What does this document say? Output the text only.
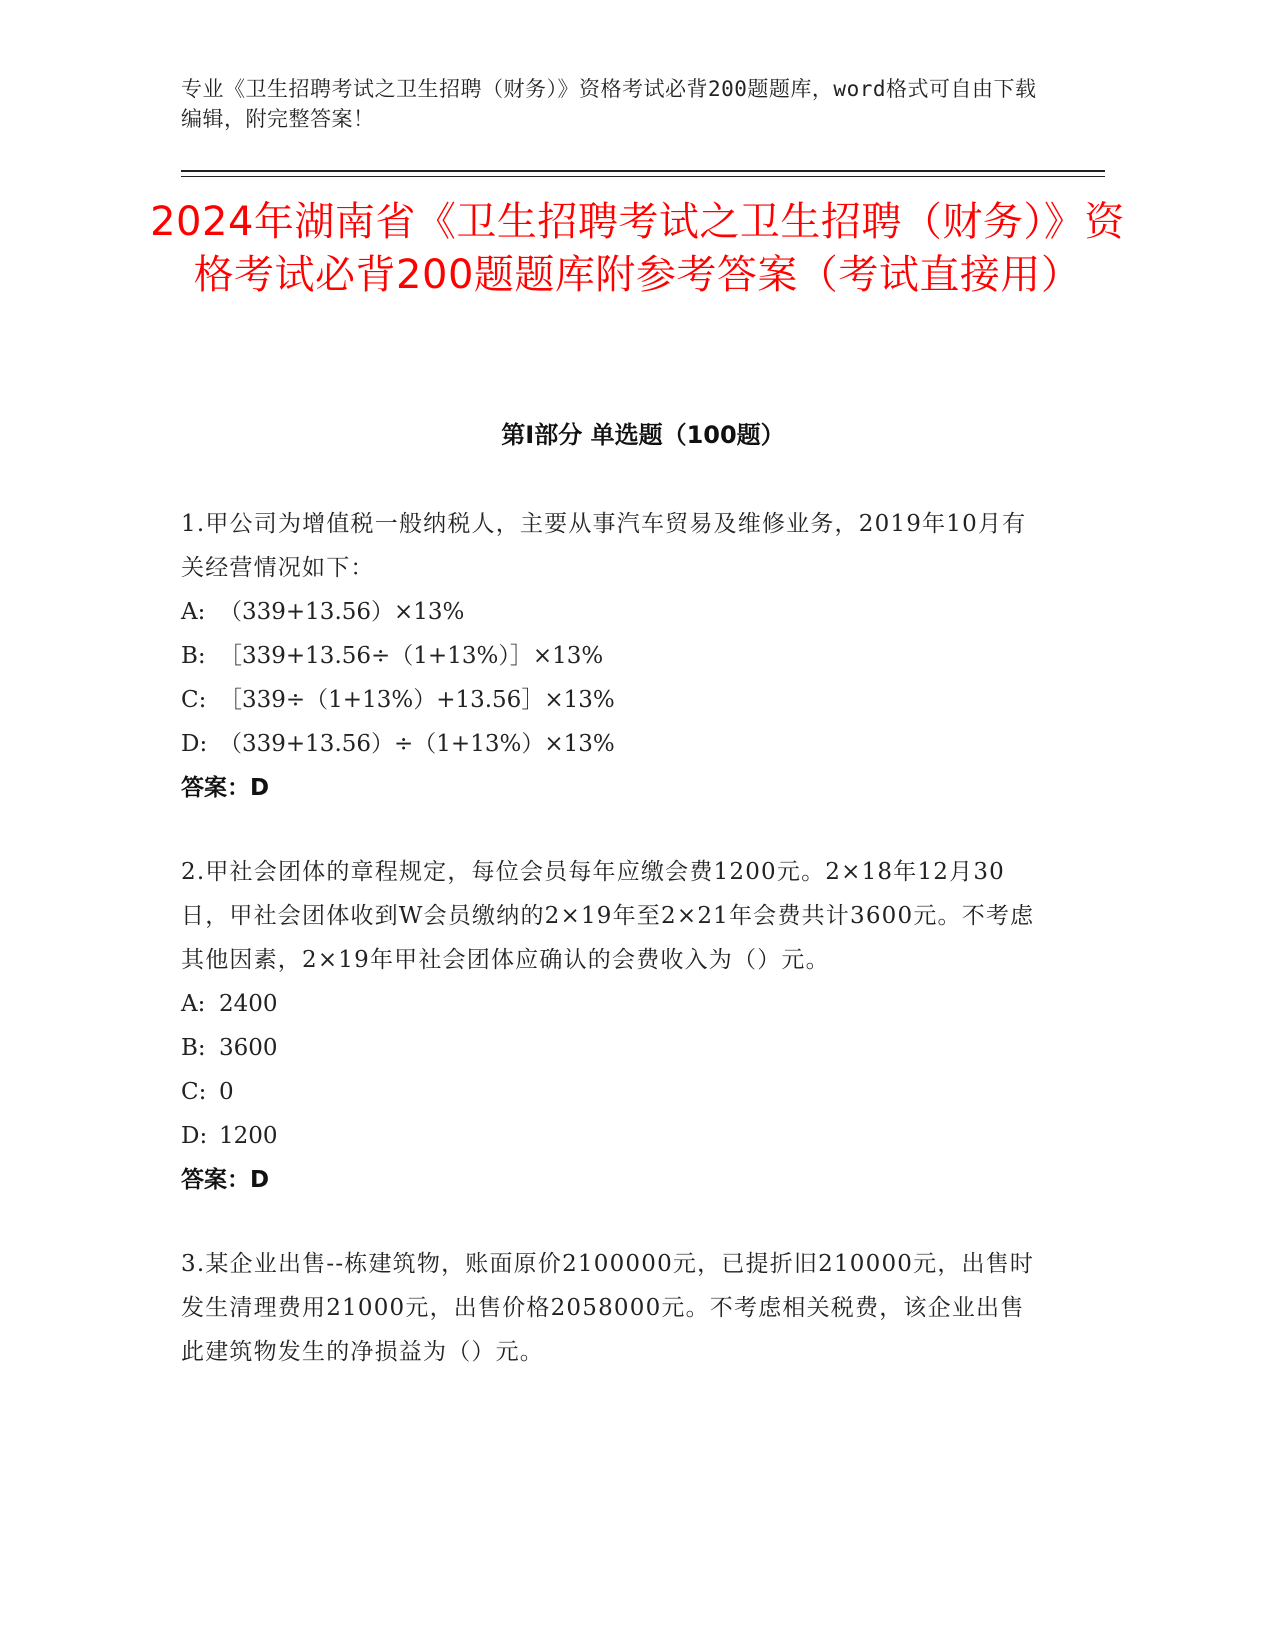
专业《卫生招聘考试之卫生招聘（财务）》资格考试必背200题题库，word格式可自由下载编辑，附完整答案！
2024年湖南省《卫生招聘考试之卫生招聘（财务）》资格考试必背200题题库附参考答案（考试直接用）
第I部分 单选题（100题）
1.甲公司为增值税一般纳税人，主要从事汽车贸易及维修业务，2019年10月有关经营情况如下：
A: （339+13.56）×13%
B: ［339+13.56÷（1+13%）］×13%
C: ［339÷（1+13%）+13.56］×13%
D: （339+13.56）÷（1+13%）×13%
答案：D
2.甲社会团体的章程规定，每位会员每年应缴会费1200元。2×18年12月30日，甲社会团体收到W会员缴纳的2×19年至2×21年会费共计3600元。不考虑其他因素，2×19年甲社会团体应确认的会费收入为（）元。
A: 2400
B: 3600
C: 0
D: 1200
答案：D
3.某企业出售--栋建筑物，账面原价2100000元，已提折旧210000元，出售时发生清理费用21000元，出售价格2058000元。不考虑相关税费，该企业出售此建筑物发生的净损益为（）元。
